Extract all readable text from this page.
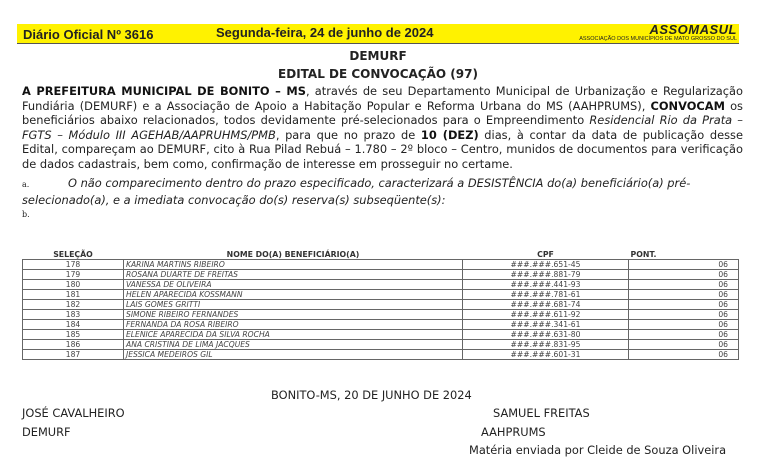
Diário Oficial Nº 3616	Segunda-feira, 24 de junho de 2024	ASSOMASUL
ASSOCIAÇÃO DOS MUNICÍPIOS DE MATO GROSSO DO SUL
DEMURF
EDITAL DE CONVOCAÇÃO (97)
A PREFEITURA MUNICIPAL DE BONITO – MS, através de seu Departamento Municipal de Urbanização e Regularização Fundiária (DEMURF) e a Associação de Apoio a Habitação Popular e Reforma Urbana do MS (AAHPRUMS), CONVOCAM os beneficiários abaixo relacionados, todos devidamente pré-selecionados para o Empreendimento Residencial Rio da Prata – FGTS – Módulo III AGEHAB/AAPRUHMS/PMB, para que no prazo de 10 (DEZ) dias, à contar da data de publicação desse Edital, compareçam ao DEMURF, cito à Rua Pilad Rebuá – 1.780 – 2º bloco – Centro, munidos de documentos para verificação de dados cadastrais, bem como, confirmação de interesse em prosseguir no certame.
a.	O não comparecimento dentro do prazo especificado, caracterizará a DESISTÊNCIA do(a) beneficiário(a) pré-selecionado(a), e a imediata convocação do(s) reserva(s) subseqüente(s):
b.
SELEÇÃO	NOME DO(A) BENEFICIÁRIO(A)	CPF	PONT.
178	KARINA MARTINS RIBEIRO	###.###.651-45	06
179	ROSANA DUARTE DE FREITAS	###.###.881-79	06
180	VANESSA DE OLIVEIRA	###.###.441-93	06
181	HELEN APARECIDA KOSSMANN	###.###.781-61	06
182	LAIS GOMES GRITTI	###.###.681-74	06
183	SIMONE RIBEIRO FERNANDES	###.###.611-92	06
184	FERNANDA DA ROSA RIBEIRO	###.###.341-61	06
185	ELENICE APARECIDA DA SILVA ROCHA	###.###.631-80	06
186	ANA CRISTINA DE LIMA JACQUES	###.###.831-95	06
187	JESSICA MEDEIROS GIL	###.###.601-31	06
BONITO-MS, 20 DE JUNHO DE 2024
JOSÉ CAVALHEIRO
DEMURF
SAMUEL FREITAS
AAHPRUMS
Matéria enviada por Cleide de Souza Oliveira
